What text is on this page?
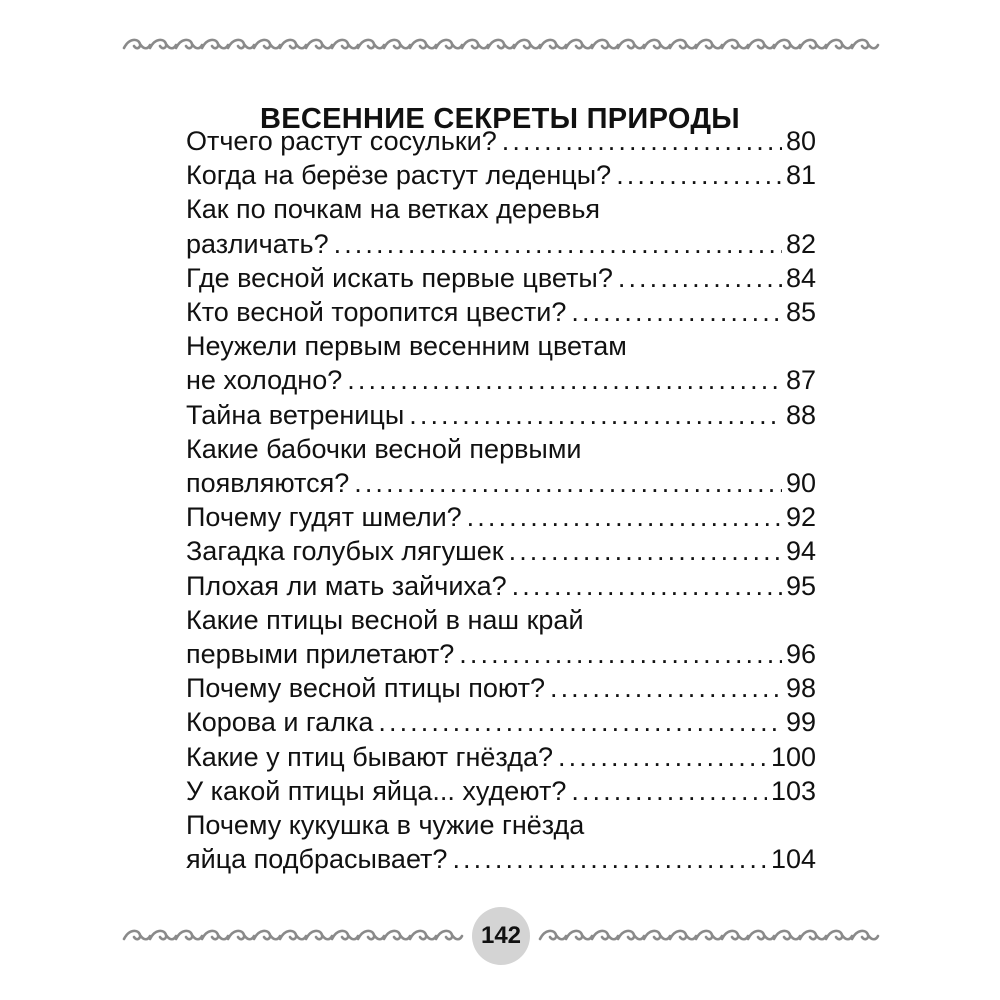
ВЕСЕННИЕ СЕКРЕТЫ ПРИРОДЫ
Отчего растут сосульки? . . .	80
Когда на берёзе растут леденцы? . . .	81
Как по почкам на ветках деревья
различать? . . .	82
Где весной искать первые цветы? . . .	84
Кто весной торопится цвести? . . .	85
Неужели первым весенним цветам
не холодно? . . .	87
Тайна ветреницы . . .	88
Какие бабочки весной первыми
появляются? . . .	90
Почему гудят шмели? . . .	92
Загадка голубых лягушек . . .	94
Плохая ли мать зайчиха? . . .	95
Какие птицы весной в наш край
первыми прилетают? . . .	96
Почему весной птицы поют? . . .	98
Корова и галка . . .	99
Какие у птиц бывают гнёзда? . . .	100
У какой птицы яйца... худеют? . . .	103
Почему кукушка в чужие гнёзда
яйца подбрасывает? . . .	104
142
